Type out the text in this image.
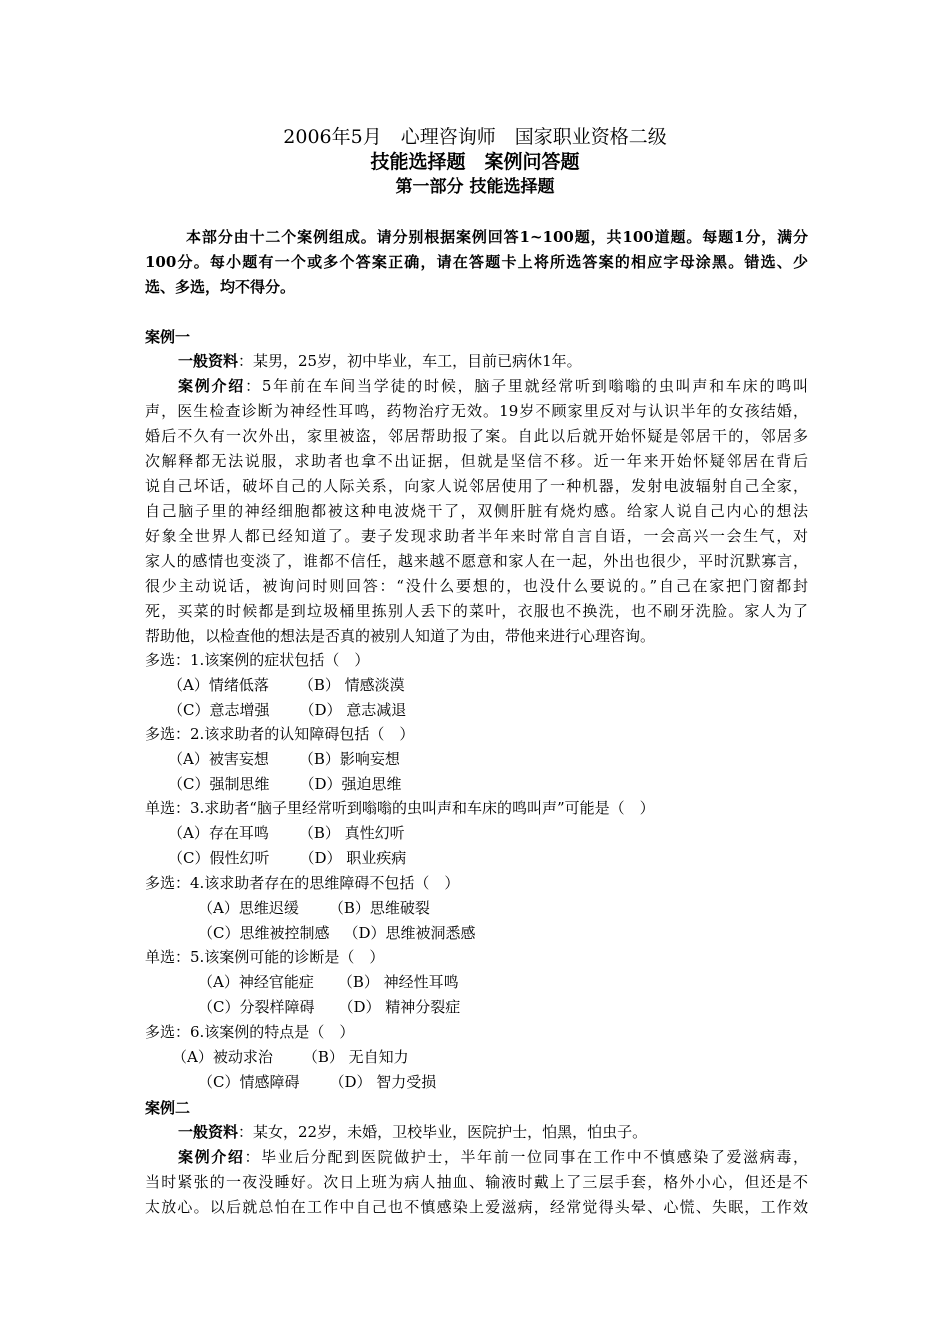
2006年5月　心理咨询师　国家职业资格二级
技能选择题　案例问答题
第一部分 技能选择题
本部分由十二个案例组成。请分别根据案例回答1~100题，共100道题。每题1分，满分
100分。每小题有一个或多个答案正确，请在答题卡上将所选答案的相应字母涂黑。错选、少
选、多选，均不得分。
案例一
一般资料：某男，25岁，初中毕业，车工，目前已病休1年。
案例介绍：5年前在车间当学徒的时候，脑子里就经常听到嗡嗡的虫叫声和车床的鸣叫
声，医生检查诊断为神经性耳鸣，药物治疗无效。19岁不顾家里反对与认识半年的女孩结婚，
婚后不久有一次外出，家里被盗，邻居帮助报了案。自此以后就开始怀疑是邻居干的，邻居多
次解释都无法说服，求助者也拿不出证据，但就是坚信不移。近一年来开始怀疑邻居在背后
说自己坏话，破坏自己的人际关系，向家人说邻居使用了一种机器，发射电波辐射自己全家，
自己脑子里的神经细胞都被这种电波烧干了，双侧肝脏有烧灼感。给家人说自己内心的想法
好象全世界人都已经知道了。妻子发现求助者半年来时常自言自语，一会高兴一会生气，对
家人的感情也变淡了，谁都不信任，越来越不愿意和家人在一起，外出也很少，平时沉默寡言，
很少主动说话，被询问时则回答：“没什么要想的，也没什么要说的。”自己在家把门窗都封
死，买菜的时候都是到垃圾桶里拣别人丢下的菜叶，衣服也不换洗，也不刷牙洗脸。家人为了
帮助他，以检查他的想法是否真的被别人知道了为由，带他来进行心理咨询。
多选：1.该案例的症状包括（　）
（A）情绪低落 （B） 情感淡漠
（C）意志增强 （D） 意志减退
多选：2.该求助者的认知障碍包括（　）
（A）被害妄想 （B）影响妄想
（C）强制思维 （D）强迫思维
单选：3.求助者“脑子里经常听到嗡嗡的虫叫声和车床的鸣叫声”可能是（　）
（A）存在耳鸣 （B） 真性幻听
（C）假性幻听 （D） 职业疾病
多选：4.该求助者存在的思维障碍不包括（　）
（A）思维迟缓 （B）思维破裂
（C）思维被控制感 （D）思维被洞悉感
单选：5.该案例可能的诊断是（　）
（A）神经官能症 （B） 神经性耳鸣
（C）分裂样障碍 （D） 精神分裂症
多选：6.该案例的特点是（　）
（A）被动求治 （B） 无自知力
（C）情感障碍 （D） 智力受损
案例二
一般资料：某女，22岁，未婚，卫校毕业，医院护士，怕黑，怕虫子。
案例介绍：毕业后分配到医院做护士，半年前一位同事在工作中不慎感染了爱滋病毒，
当时紧张的一夜没睡好。次日上班为病人抽血、输液时戴上了三层手套，格外小心，但还是不
太放心。以后就总怕在工作中自己也不慎感染上爱滋病，经常觉得头晕、心慌、失眠，工作效
